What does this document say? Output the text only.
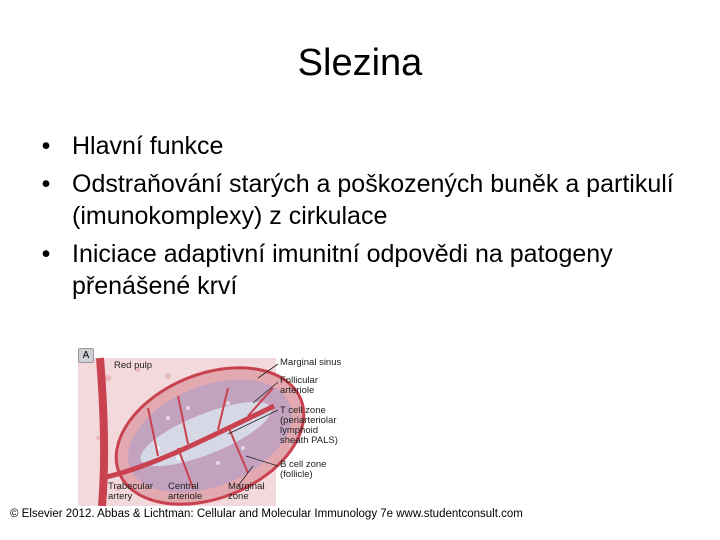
Slezina
• Hlavní funkce
• Odstraňování starých a poškozených buněk a partikulí (imunokomplexy) z cirkulace
• Iniciace adaptivní imunitní odpovědi na patogeny přenášené krví
A
Red pulp	Marginal sinus
Follicular
arteriole
T cell zone
(periarteriolar
lymphoid
sheath PALS)
B cell zone
(follicle)
Trabecular
artery
Central
arteriole
Marginal
zone
© Elsevier 2012. Abbas & Lichtman: Cellular and Molecular Immunology 7e www.studentconsult.com
